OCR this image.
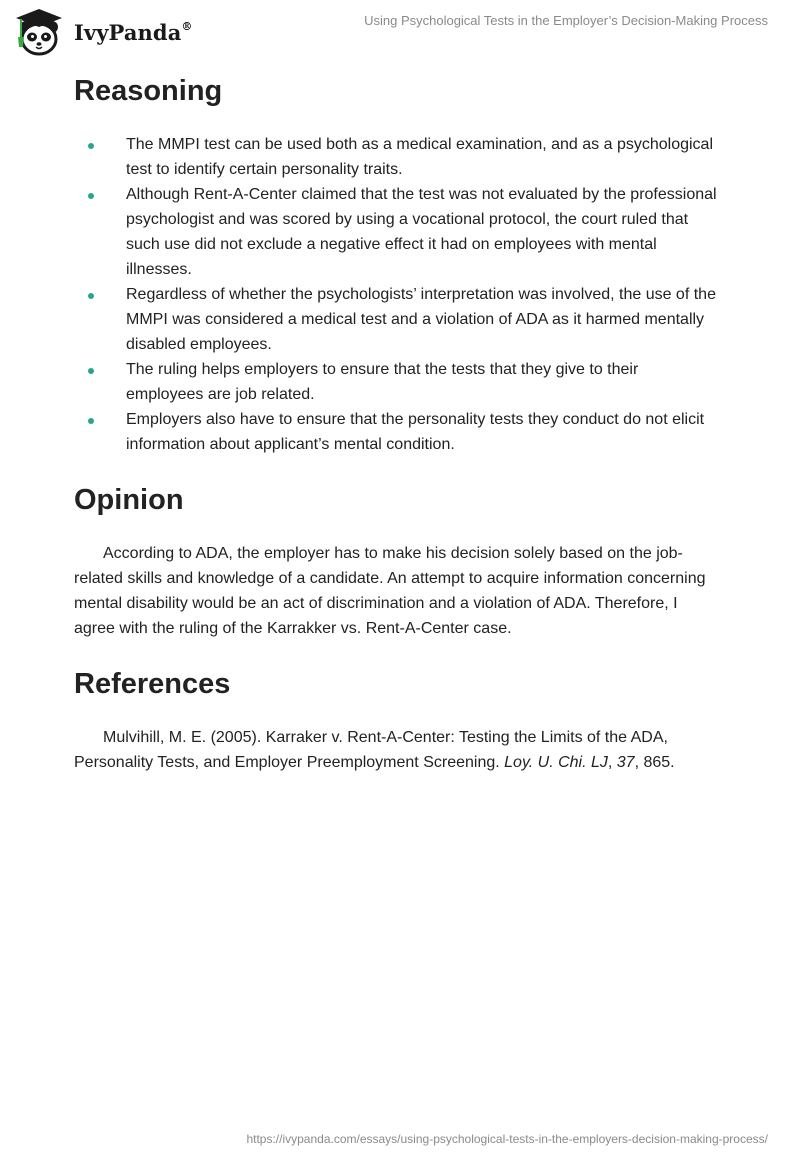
IvyPanda®	Using Psychological Tests in the Employer’s Decision-Making Process
Reasoning
The MMPI test can be used both as a medical examination, and as a psychological test to identify certain personality traits.
Although Rent-A-Center claimed that the test was not evaluated by the professional psychologist and was scored by using a vocational protocol, the court ruled that such use did not exclude a negative effect it had on employees with mental illnesses.
Regardless of whether the psychologists’ interpretation was involved, the use of the MMPI was considered a medical test and a violation of ADA as it harmed mentally disabled employees.
The ruling helps employers to ensure that the tests that they give to their employees are job related.
Employers also have to ensure that the personality tests they conduct do not elicit information about applicant’s mental condition.
Opinion

According to ADA, the employer has to make his decision solely based on the job-related skills and knowledge of a candidate. An attempt to acquire information concerning mental disability would be an act of discrimination and a violation of ADA. Therefore, I agree with the ruling of the Karrakker vs. Rent-A-Center case.

References

Mulvihill, M. E. (2005). Karraker v. Rent-A-Center: Testing the Limits of the ADA, Personality Tests, and Employer Preemployment Screening. Loy. U. Chi. LJ, 37, 865.

https://ivypanda.com/essays/using-psychological-tests-in-the-employers-decision-making-process/
